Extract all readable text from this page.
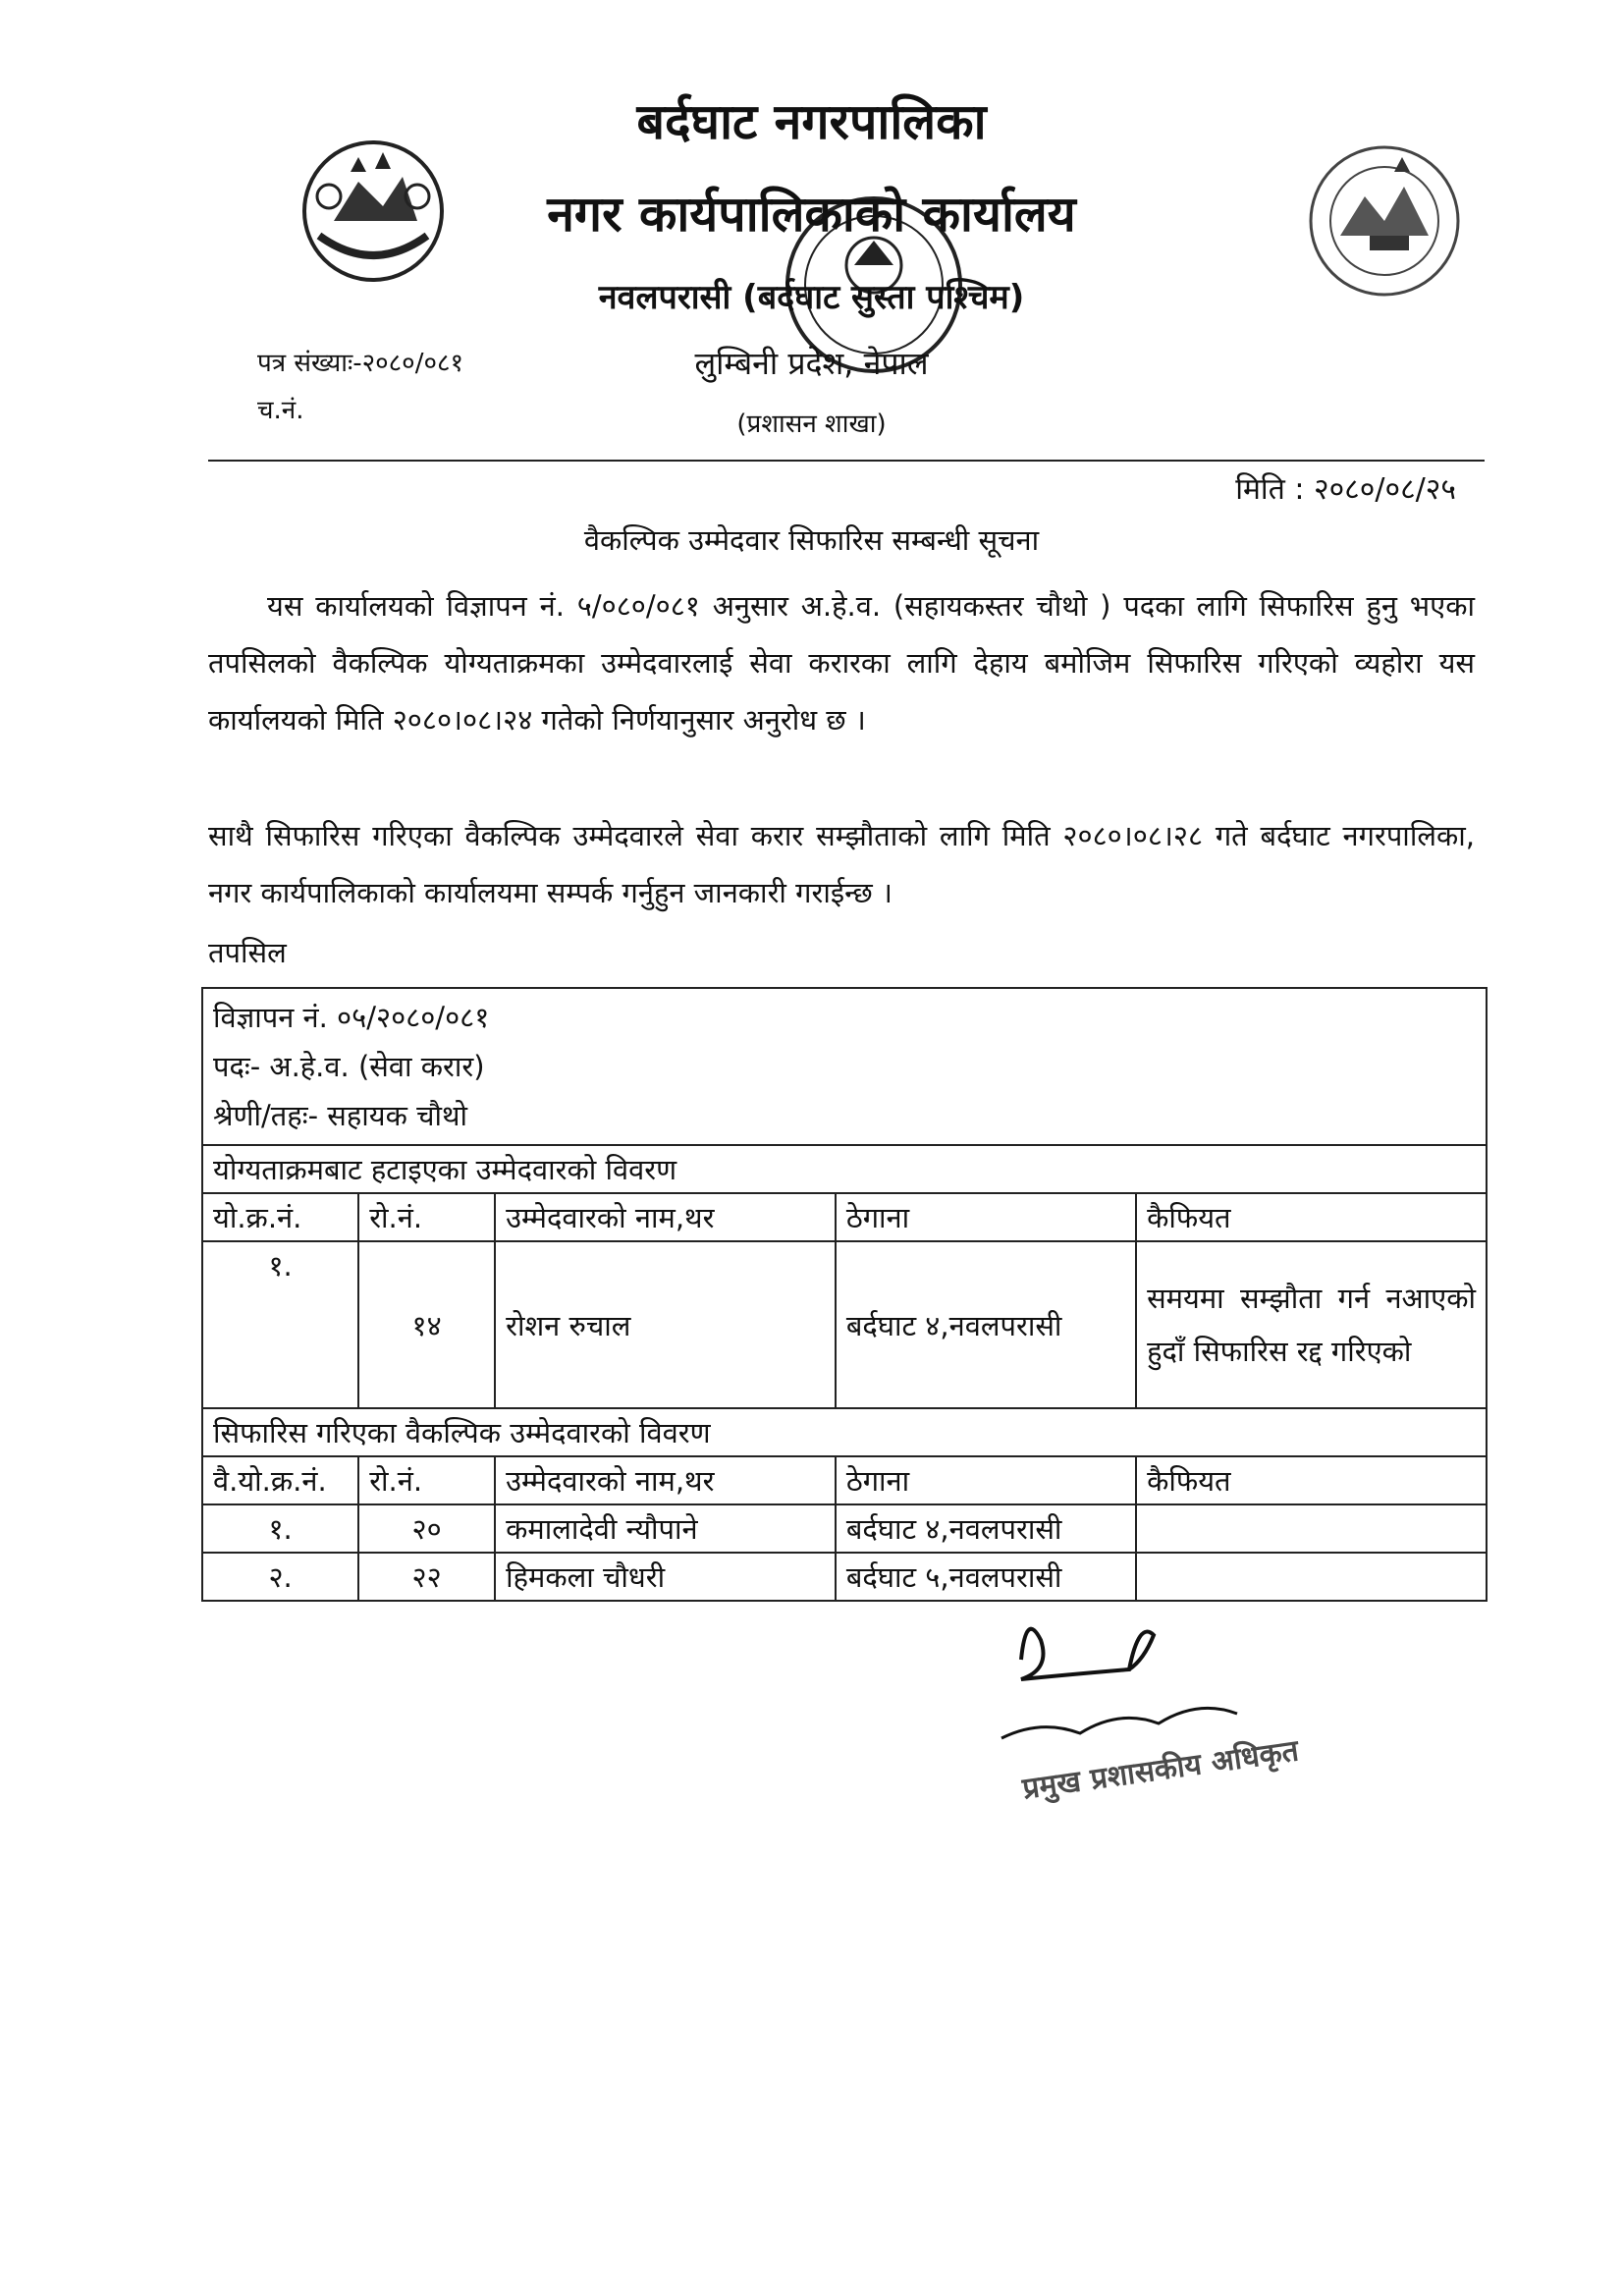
बर्दघाट नगरपालिका
नगर कार्यपालिकाको कार्यालय
नवलपरासी (बर्दघाट सुस्ता पश्चिम)
लुम्बिनी प्रदेश, नेपाल
(प्रशासन शाखा)
पत्र संख्याः-२०८०/०८१
च.नं.
मिति : २०८०/०८/२५
वैकल्पिक उम्मेदवार सिफारिस सम्बन्धी सूचना
यस कार्यालयको विज्ञापन नं. ५/०८०/०८१ अनुसार अ.हे.व. (सहायकस्तर चौथो ) पदका लागि सिफारिस हुनु भएका तपसिलको वैकल्पिक योग्यताक्रमका उम्मेदवारलाई सेवा करारका लागि देहाय बमोजिम सिफारिस गरिएको व्यहोरा यस कार्यालयको मिति २०८०।०८।२४ गतेको निर्णयानुसार अनुरोध छ ।
साथै सिफारिस गरिएका वैकल्पिक उम्मेदवारले सेवा करार सम्झौताको लागि मिति २०८०।०८।२८ गते बर्दघाट नगरपालिका, नगर कार्यपालिकाको कार्यालयमा सम्पर्क गर्नुहुन जानकारी गराईन्छ ।
तपसिल
विज्ञापन नं. ०५/२०८०/०८१
पदः- अ.हे.व. (सेवा करार)
श्रेणी/तहः- सहायक चौथो				

योग्यताक्रमबाट हटाइएका उम्मेदवारको विवरण				
यो.क्र.नं.	रो.नं.	उम्मेदवारको नाम,थर	ठेगाना	कैफियत
१.	१४	रोशन रुचाल	बर्दघाट ४,नवलपरासी	समयमा सम्झौता गर्न नआएको हुदाँ सिफारिस रद्द गरिएको
सिफारिस गरिएका वैकल्पिक उम्मेदवारको विवरण				
वै.यो.क्र.नं.	रो.नं.	उम्मेदवारको नाम,थर	ठेगाना	कैफियत
१.	२०	कमालादेवी न्यौपाने	बर्दघाट ४,नवलपरासी	
२.	२२	हिमकला चौधरी	बर्दघाट ५,नवलपरासी	
प्रमुख प्रशासकीय अधिकृत
